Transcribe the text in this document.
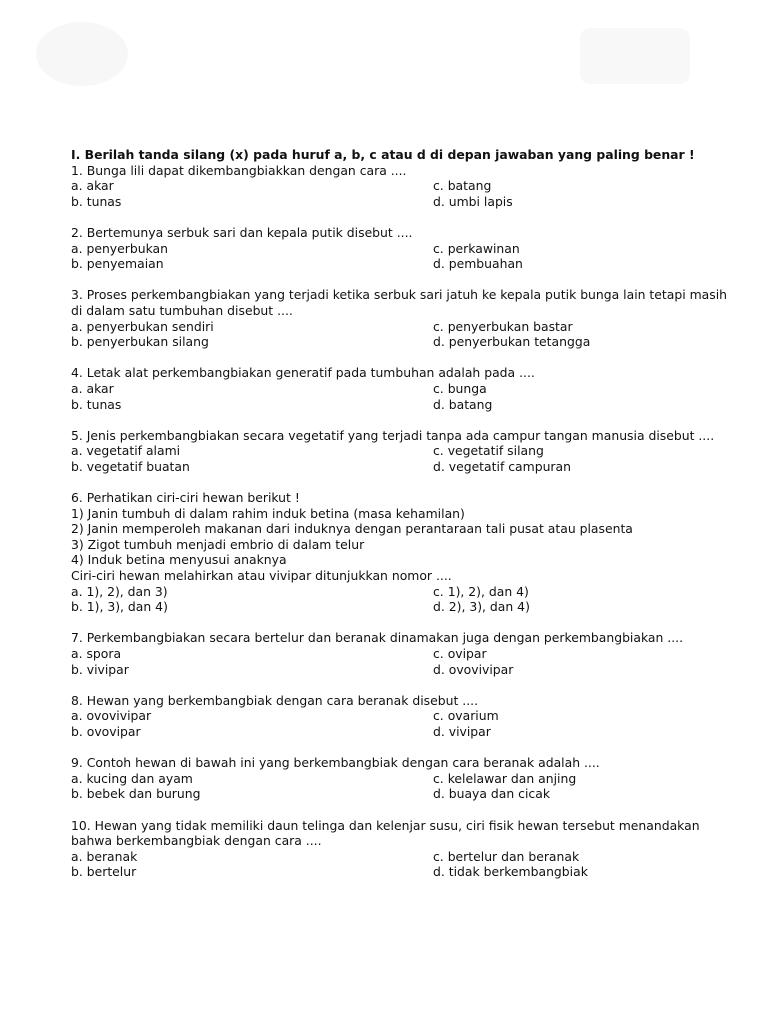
I. Berilah tanda silang (x) pada huruf a, b, c atau d di depan jawaban yang paling benar !

1. Bunga lili dapat dikembangbiakkan dengan cara ....

a. akar	c. batang
b. tunas	d. umbi lapis

2. Bertemunya serbuk sari dan kepala putik disebut ....

a. penyerbukan	c. perkawinan
b. penyemaian	d. pembuahan

3. Proses perkembangbiakan yang terjadi ketika serbuk sari jatuh ke kepala putik bunga lain tetapi masih di dalam satu tumbuhan disebut ....

a. penyerbukan sendiri	c. penyerbukan bastar
b. penyerbukan silang	d. penyerbukan tetangga

4. Letak alat perkembangbiakan generatif pada tumbuhan adalah pada ....

a. akar	c. bunga
b. tunas	d. batang

5. Jenis perkembangbiakan secara vegetatif yang terjadi tanpa ada campur tangan manusia disebut ....

a. vegetatif alami	c. vegetatif silang
b. vegetatif buatan	d. vegetatif campuran

6. Perhatikan ciri-ciri hewan berikut !

1) Janin tumbuh di dalam rahim induk betina (masa kehamilan)

2) Janin memperoleh makanan dari induknya dengan perantaraan tali pusat atau plasenta

3) Zigot tumbuh menjadi embrio di dalam telur

4) Induk betina menyusui anaknya

Ciri-ciri hewan melahirkan atau vivipar ditunjukkan nomor ....

a. 1), 2), dan 3)	c. 1), 2), dan 4)
b. 1), 3), dan 4)	d. 2), 3), dan 4)

7. Perkembangbiakan secara bertelur dan beranak dinamakan juga dengan perkembangbiakan ....

a. spora	c. ovipar
b. vivipar	d. ovovivipar

8. Hewan yang berkembangbiak dengan cara beranak disebut ....

a. ovovivipar	c. ovarium
b. ovovipar	d. vivipar

9. Contoh hewan di bawah ini yang berkembangbiak dengan cara beranak adalah ....

a. kucing dan ayam	c. kelelawar dan anjing
b. bebek dan burung	d. buaya dan cicak

10. Hewan yang tidak memiliki daun telinga dan kelenjar susu, ciri fisik hewan tersebut menandakan bahwa berkembangbiak dengan cara ....

a. beranak	c. bertelur dan beranak
b. bertelur	d. tidak berkembangbiak
